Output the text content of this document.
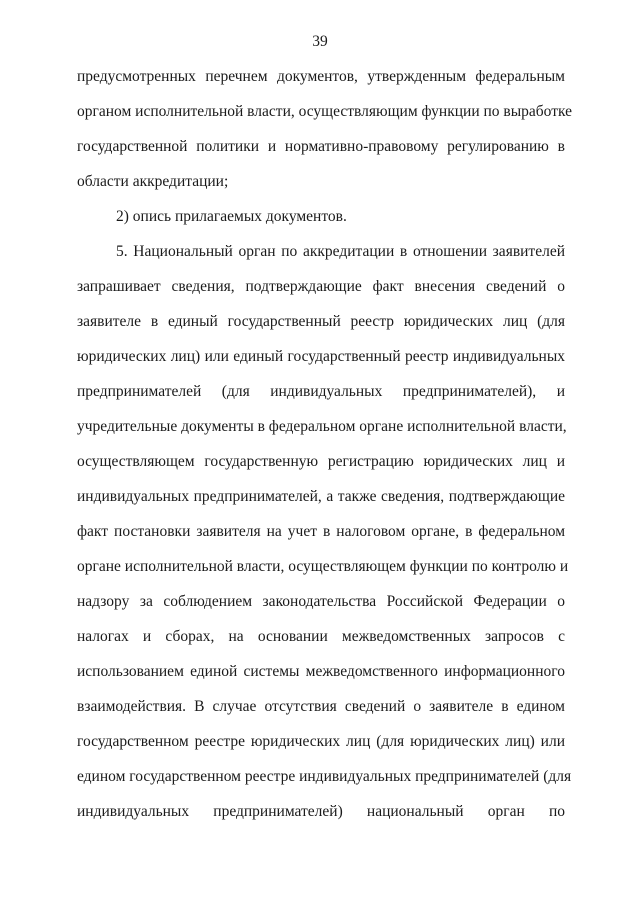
39
предусмотренных перечнем документов, утвержденным федеральным
органом исполнительной власти, осуществляющим функции по выработке
государственной политики и нормативно-правовому регулированию в
области аккредитации;
2) опись прилагаемых документов.
5. Национальный орган по аккредитации в отношении заявителей
запрашивает сведения, подтверждающие факт внесения сведений о
заявителе в единый государственный реестр юридических лиц (для
юридических лиц) или единый государственный реестр индивидуальных
предпринимателей (для индивидуальных предпринимателей), и
учредительные документы в федеральном органе исполнительной власти,
осуществляющем государственную регистрацию юридических лиц и
индивидуальных предпринимателей, а также сведения, подтверждающие
факт постановки заявителя на учет в налоговом органе, в федеральном
органе исполнительной власти, осуществляющем функции по контролю и
надзору за соблюдением законодательства Российской Федерации о
налогах и сборах, на основании межведомственных запросов с
использованием единой системы межведомственного информационного
взаимодействия. В случае отсутствия сведений о заявителе в едином
государственном реестре юридических лиц (для юридических лиц) или
едином государственном реестре индивидуальных предпринимателей (для
индивидуальных предпринимателей) национальный орган по
